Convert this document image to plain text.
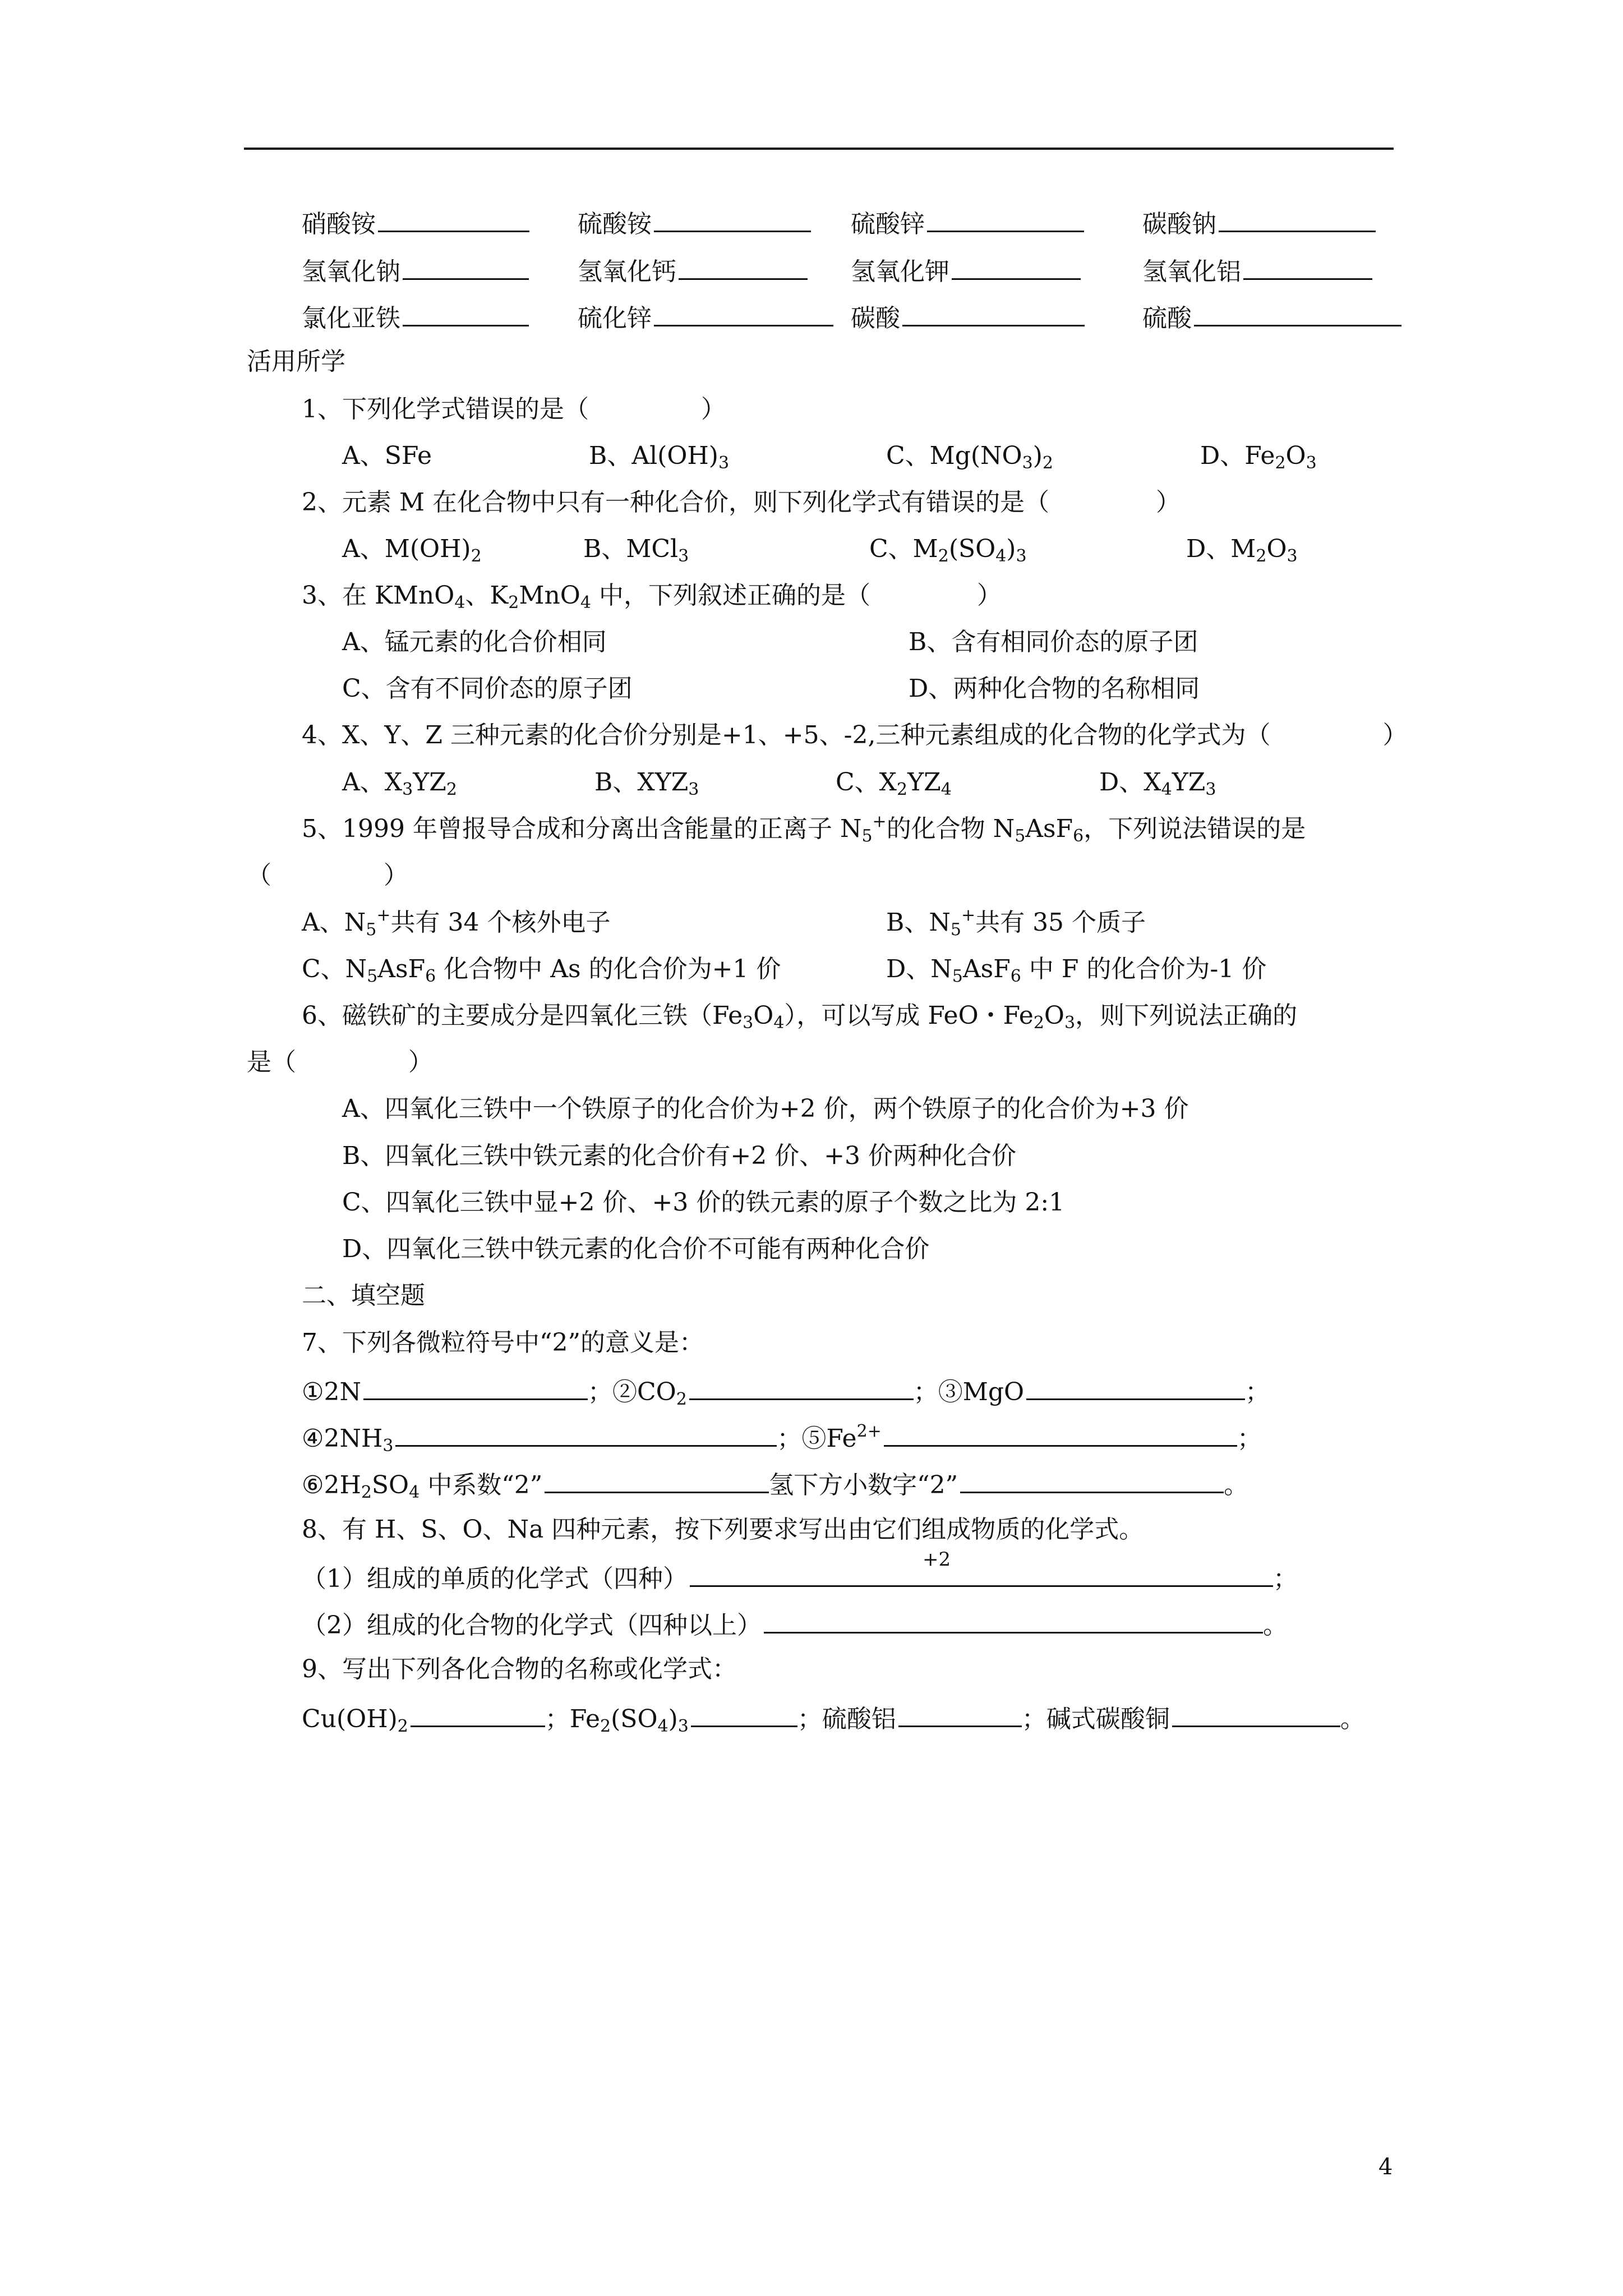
硝酸铵	硫酸铵	硫酸锌	碳酸钠
氢氧化钠	氢氧化钙	氢氧化钾	氢氧化铝
氯化亚铁	硫化锌	碳酸	硫酸
活用所学
1、下列化学式错误的是（	）
A、SFe	B、$Al(OH)_3$	C、$Mg(NO_3)_2$	D、$Fe_2O_3$
2、元素 M 在化合物中只有一种化合价，则下列化学式有错误的是（	）
A、$M(OH)_2$	B、MCl$_3$	C、$M_2(SO_4)_3$	D、$M_2O_3$
3、在 KMnO$_4$、$K_2MnO_4$ 中，下列叙述正确的是（	）
A、锰元素的化合价相同	B、含有相同价态的原子团
C、含有不同价态的原子团	D、两种化合物的名称相同
4、X、Y、Z 三种元素的化合价分别是+1、+5、-2,三种元素组成的化合物的化学式为（	）
A、$X_3YZ_2$	B、$XYZ_3$	C、$X_2YZ_4$	D、$X_4YZ_3$
5、1999 年曾报导合成和分离出含能量的正离子 $N_5^+$的化合物 $N_5AsF_6$，下列说法错误的是
（	）
A、$N_5^+$共有 34 个核外电子	B、$N_5^+$共有 35 个质子
C、$N_5AsF_6$ 化合物中 As 的化合价为+1 价	D、$N_5AsF_6$ 中 F 的化合价为-1 价
6、磁铁矿的主要成分是四氧化三铁$(Fe_3O_4)$，可以写成 FeO・$Fe_2O_3$，则下列说法正确的
是（	）
A、四氧化三铁中一个铁原子的化合价为+2 价，两个铁原子的化合价为+3 价
B、四氧化三铁中铁元素的化合价有+2 价、+3 价两种化合价
C、四氧化三铁中显+2 价、+3 价的铁元素的原子个数之比为 2:1
D、四氧化三铁中铁元素的化合价不可能有两种化合价
二、填空题
7、下列各微粒符号中“2”的意义是：
①2N	；$②CO_2$	；③MgO	；
$④2NH_3$	；$⑤Fe^{2+}$	；
$⑥2H_2SO_4$ 中系数“2”	氢下方小数字“2”	。
8、有 H、S、O、Na 四种元素，按下列要求写出由它们组成物质的化学式。
+2
（1）组成的单质的化学式（四种）	；
（2）组成的化合物的化学式（四种以上）	。
9、写出下列各化合物的名称或化学式：
$Cu(OH)_2$	；$Fe_2(SO_4)_3$	；硫酸铝	；碱式碳酸铜	。
4
